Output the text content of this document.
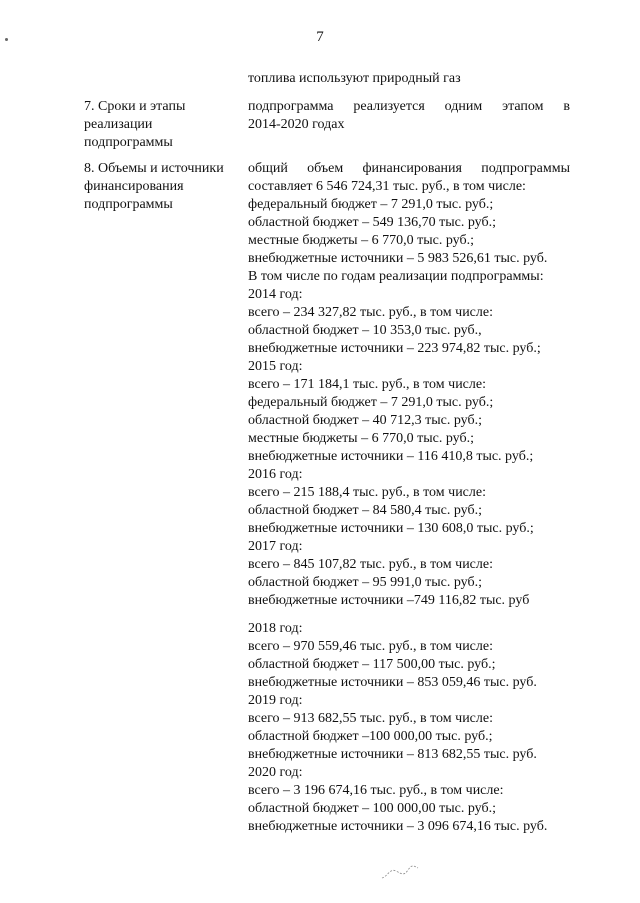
7
топлива используют природный газ
7. Сроки и этапы
реализации
подпрограммы
подпрограмма реализуется одним этапом в
2014-2020 годах
8. Объемы и источники
финансирования
подпрограммы
общий объем финансирования подпрограммы
составляет 6 546 724,31 тыс. руб., в том числе:
федеральный бюджет – 7 291,0 тыс. руб.;
областной бюджет – 549 136,70 тыс. руб.;
местные бюджеты – 6 770,0 тыс. руб.;
внебюджетные источники – 5 983 526,61 тыс. руб.
В том числе по годам реализации подпрограммы:
2014 год:
всего – 234 327,82 тыс. руб., в том числе:
областной бюджет – 10 353,0 тыс. руб.,
внебюджетные источники – 223 974,82 тыс. руб.;
2015 год:
всего – 171 184,1 тыс. руб., в том числе:
федеральный бюджет – 7 291,0 тыс. руб.;
областной бюджет – 40 712,3 тыс. руб.;
местные бюджеты – 6 770,0 тыс. руб.;
внебюджетные источники – 116 410,8 тыс. руб.;
2016 год:
всего – 215 188,4 тыс. руб., в том числе:
областной бюджет – 84 580,4 тыс. руб.;
внебюджетные источники – 130 608,0 тыс. руб.;
2017 год:
всего – 845 107,82 тыс. руб., в том числе:
областной бюджет – 95 991,0 тыс. руб.;
внебюджетные источники –749 116,82 тыс. руб
2018 год:
всего – 970 559,46 тыс. руб., в том числе:
областной бюджет – 117 500,00 тыс. руб.;
внебюджетные источники – 853 059,46 тыс. руб.
2019 год:
всего – 913 682,55 тыс. руб., в том числе:
областной бюджет –100 000,00 тыс. руб.;
внебюджетные источники – 813 682,55 тыс. руб.
2020 год:
всего – 3 196 674,16 тыс. руб., в том числе:
областной бюджет – 100 000,00 тыс. руб.;
внебюджетные источники – 3 096 674,16 тыс. руб.
